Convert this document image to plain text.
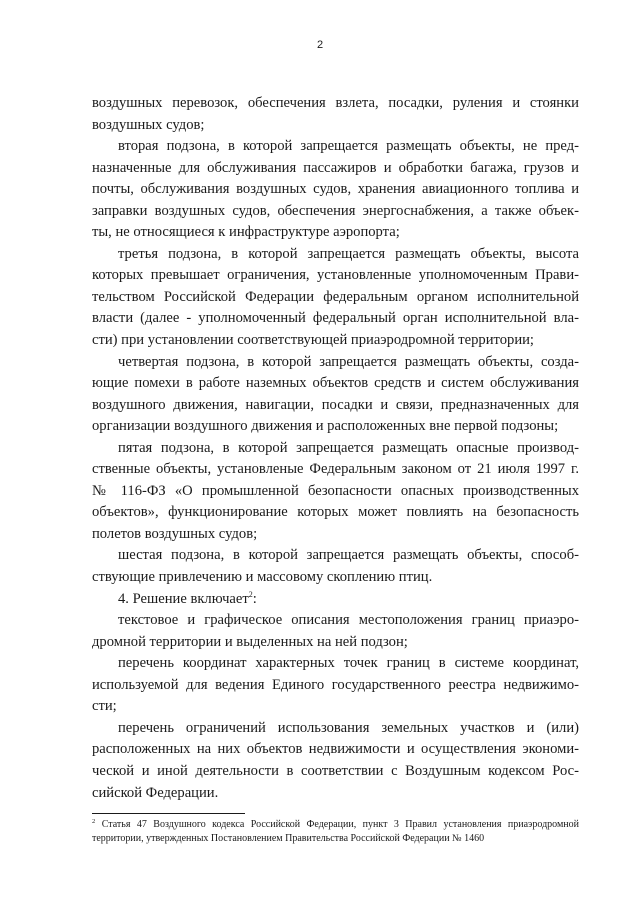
2
воздушных перевозок, обеспечения взлета, посадки, руления и стоянки
воздушных судов;
вторая подзона, в которой запрещается размещать объекты, не пред-
назначенные для обслуживания пассажиров и обработки багажа, грузов и
почты, обслуживания воздушных судов, хранения авиационного топлива и
заправки воздушных судов, обеспечения энергоснабжения, а также объек-
ты, не относящиеся к инфраструктуре аэропорта;
третья подзона, в которой запрещается размещать объекты, высота
которых превышает ограничения, установленные уполномоченным Прави-
тельством Российской Федерации федеральным органом исполнительной
власти (далее - уполномоченный федеральный орган исполнительной вла-
сти) при установлении соответствующей приаэродромной территории;
четвертая подзона, в которой запрещается размещать объекты, созда-
ющие помехи в работе наземных объектов средств и систем обслуживания
воздушного движения, навигации, посадки и связи, предназначенных для
организации воздушного движения и расположенных вне первой подзоны;
пятая подзона, в которой запрещается размещать опасные производ-
ственные объекты, установленые Федеральным законом от 21 июля 1997 г.
№ 116-ФЗ «О промышленной безопасности опасных производственных
объектов», функционирование которых может повлиять на безопасность
полетов воздушных судов;
шестая подзона, в которой запрещается размещать объекты, способ-
ствующие привлечению и массовому скоплению птиц.
4. Решение включает$^2$:
текстовое и графическое описания местоположения границ приаэро-
дромной территории и выделенных на ней подзон;
перечень координат характерных точек границ в системе координат,
используемой для ведения Единого государственного реестра недвижимо-
сти;
перечень ограничений использования земельных участков и (или)
расположенных на них объектов недвижимости и осуществления экономи-
ческой и иной деятельности в соответствии с Воздушным кодексом Рос-
сийской Федерации.
$^2$ Статья 47 Воздушного кодекса Российской Федерации, пункт 3 Правил установления приаэродромной
территории, утвержденных Постановлением Правительства Российской Федерации № 1460
